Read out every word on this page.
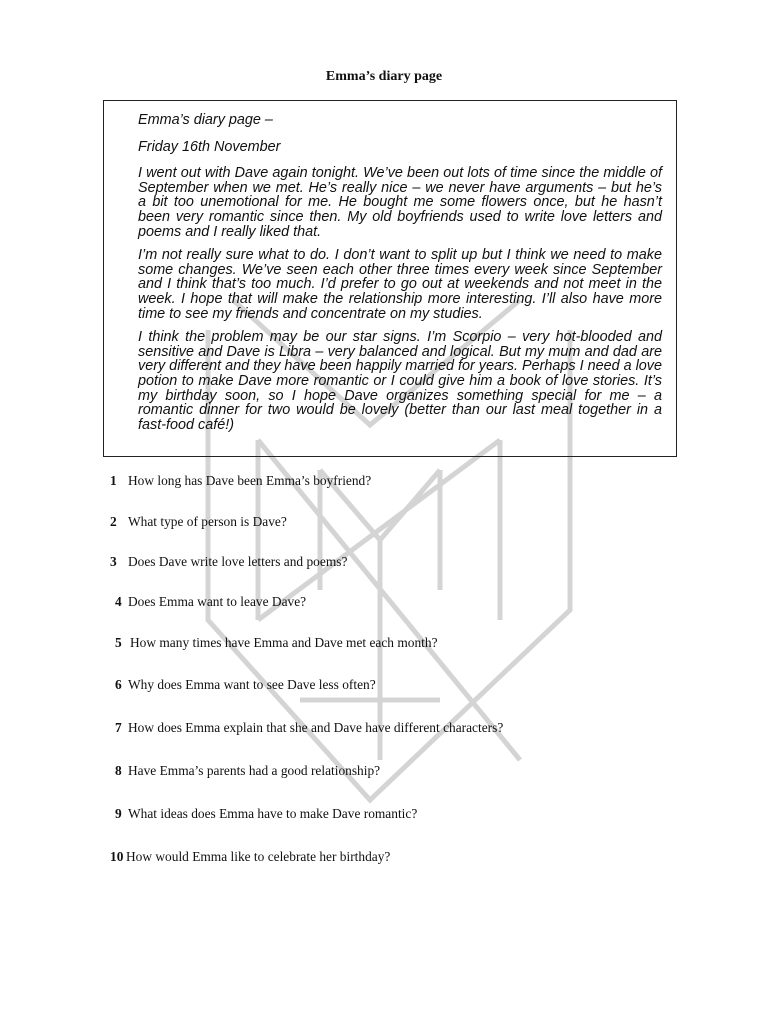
Emma’s diary page

Emma’s diary page –

Friday 16th November

I went out with Dave again tonight. We’ve been out lots of time since the middle of September when we met. He’s really nice – we never have arguments – but he’s a bit too unemotional for me. He bought me some flowers once, but he hasn’t been very romantic since then. My old boyfriends used to write love letters and poems and I really liked that.

I’m not really sure what to do. I don’t want to split up but I think we need to make some changes. We’ve seen each other three times every week since September and I think that’s too much. I’d prefer to go out at weekends and not meet in the week. I hope that will make the relationship more interesting. I’ll also have more time to see my friends and concentrate on my studies.

I think the problem may be our star signs. I’m Scorpio – very hot-blooded and sensitive and Dave is Libra – very balanced and logical. But my mum and dad are very different and they have been happily married for years. Perhaps I need a love potion to make Dave more romantic or I could give him a book of love stories. It’s my birthday soon, so I hope Dave organizes something special for me – a romantic dinner for two would be lovely (better than our last meal together in a fast-food café!)

1 How long has Dave been Emma’s boyfriend?
2 What type of person is Dave?
3 Does Dave write love letters and poems?
4 Does Emma want to leave Dave?
5 How many times have Emma and Dave met each month?
6 Why does Emma want to see Dave less often?
7 How does Emma explain that she and Dave have different characters?
8 Have Emma’s parents had a good relationship?
9 What ideas does Emma have to make Dave romantic?
10 How would Emma like to celebrate her birthday?
